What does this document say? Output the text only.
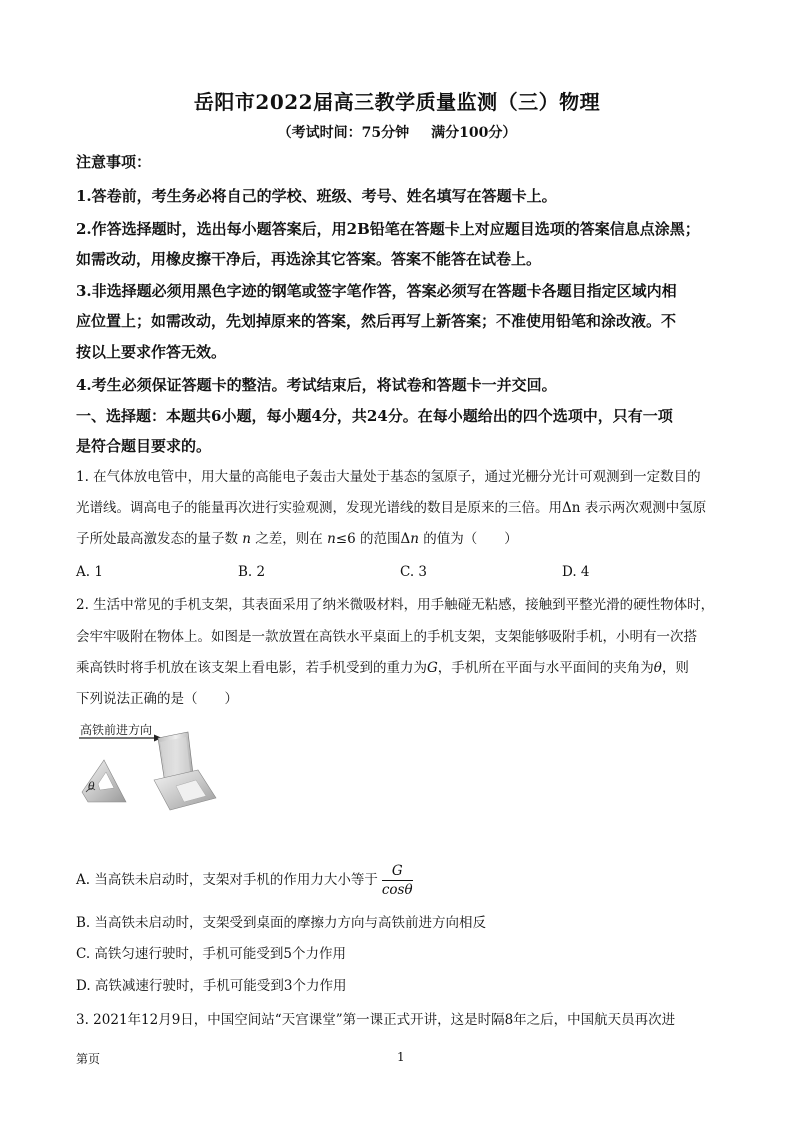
岳阳市2022届高三教学质量监测（三）物理
（考试时间：75分钟 满分100分）
注意事项：
1.答卷前，考生务必将自己的学校、班级、考号、姓名填写在答题卡上。
2.作答选择题时，选出每小题答案后，用2B铅笔在答题卡上对应题目选项的答案信息点涂黑；
如需改动，用橡皮擦干净后，再选涂其它答案。答案不能答在试卷上。
3.非选择题必须用黑色字迹的钢笔或签字笔作答，答案必须写在答题卡各题目指定区域内相
应位置上；如需改动，先划掉原来的答案，然后再写上新答案；不准使用铅笔和涂改液。不
按以上要求作答无效。
4.考生必须保证答题卡的整洁。考试结束后，将试卷和答题卡一并交回。
一、选择题：本题共6小题，每小题4分，共24分。在每小题给出的四个选项中，只有一项
是符合题目要求的。
1. 在气体放电管中，用大量的高能电子轰击大量处于基态的氢原子，通过光栅分光计可观测到一定数目的
光谱线。调高电子的能量再次进行实验观测，发现光谱线的数目是原来的三倍。用Δn 表示两次观测中氢原
子所处最高激发态的量子数 n 之差，则在 n≤6 的范围Δn 的值为（　　）
A. 1	B. 2	C. 3	D. 4
2. 生活中常见的手机支架，其表面采用了纳米微吸材料，用手触碰无粘感，接触到平整光滑的硬性物体时，
会牢牢吸附在物体上。如图是一款放置在高铁水平桌面上的手机支架，支架能够吸附手机，小明有一次搭
乘高铁时将手机放在该支架上看电影，若手机受到的重力为G，手机所在平面与水平面间的夹角为θ，则
下列说法正确的是（　　）
高铁前进方向
θ
A. 当高铁未启动时，支架对手机的作用力大小等于 $\frac{G}{\cos\theta}$
B. 当高铁未启动时，支架受到桌面的摩擦力方向与高铁前进方向相反
C. 高铁匀速行驶时，手机可能受到5个力作用
D. 高铁减速行驶时，手机可能受到3个力作用
3. 2021年12月9日，中国空间站“天宫课堂”第一课正式开讲，这是时隔8年之后，中国航天员再次进
第页	1
